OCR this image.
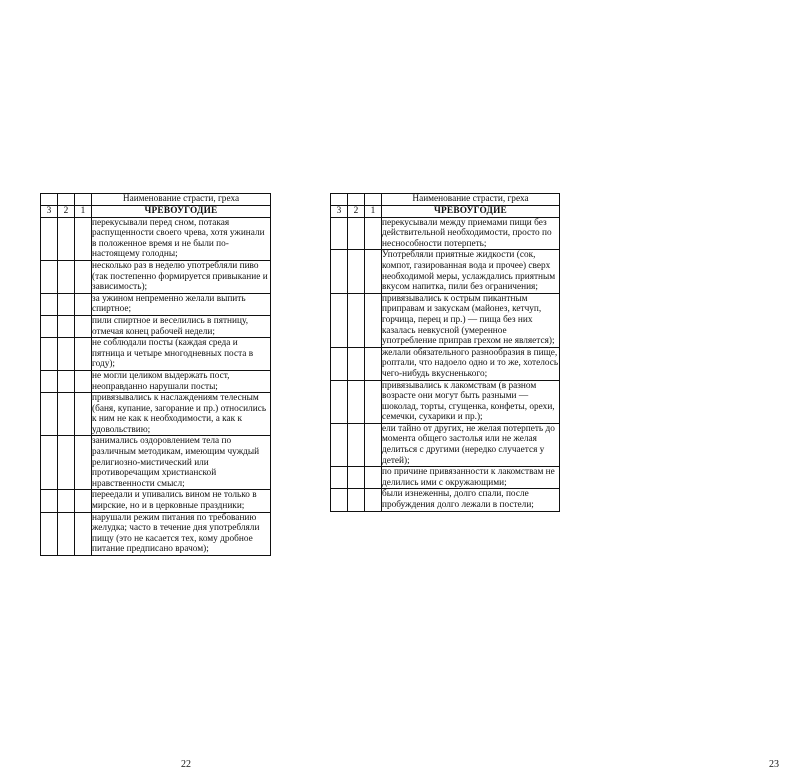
			Наименование страсти, греха
3	2	1	ЧРЕВОУГОДИЕ
			перекусывали перед сном, потакая распущенности своего чрева, хотя ужинали в положенное время и не были по-настоящему голодны;
			несколько раз в неделю употребляли пиво (так постепенно формируется привыкание и зависимость);
			за ужином непременно желали выпить спиртное;
			пили спиртное и веселились в пятницу, отмечая конец рабочей недели;
			не соблюдали посты (каждая среда и пятница и четыре многодневных поста в году);
			не могли целиком выдержать пост, неоправданно нарушали посты;
			привязывались к наслаждениям телесным (баня, купание, загорание и пр.) относились к ним не как к необходимости, а как к удовольствию;
			занимались оздоровлением тела по различным методикам, имеющим чуждый религиозно-мистический или противоречащим христианской нравственности смысл;
			переедали и упивались вином не только в мирские, но и в церковные праздники;
			нарушали режим питания по требованию желудка; часто в течение дня употребляли пищу (это не касается тех, кому дробное питание предписано врачом);
22
			Наименование страсти, греха
3	2	1	ЧРЕВОУГОДИЕ
			перекусывали между приемами пищи без действительной необходимости, просто по неснособности потерпеть;
			Употребляли приятные жидкости (сок, компот, газированная вода и прочее) сверх необходимой меры, услаждались приятным вкусом напитка, пили без ограничения;
			привязывались к острым пикантным приправам и закускам (майонез, кетчуп, горчица, перец и пр.) — пища без них казалась невкусной (умеренное употребление приправ грехом не является);
			желали обязательного разнообразия в пище, роптали, что надоело одно и то же, хотелось чего-нибудь вкусненького;
			привязывались к лакомствам (в разном возрасте они могут быть разными — шоколад, торты, сгущенка, конфеты, орехи, семечки, сухарики и пр.);
			ели тайно от других, не желая потерпеть до момента общего застолья или не желая делиться с другими (нередко случается у детей);
			по причине привязанности к лакомствам не делились ими с окружающими;
			были изнеженны, долго спали, после пробуждения долго лежали в постели;
23
